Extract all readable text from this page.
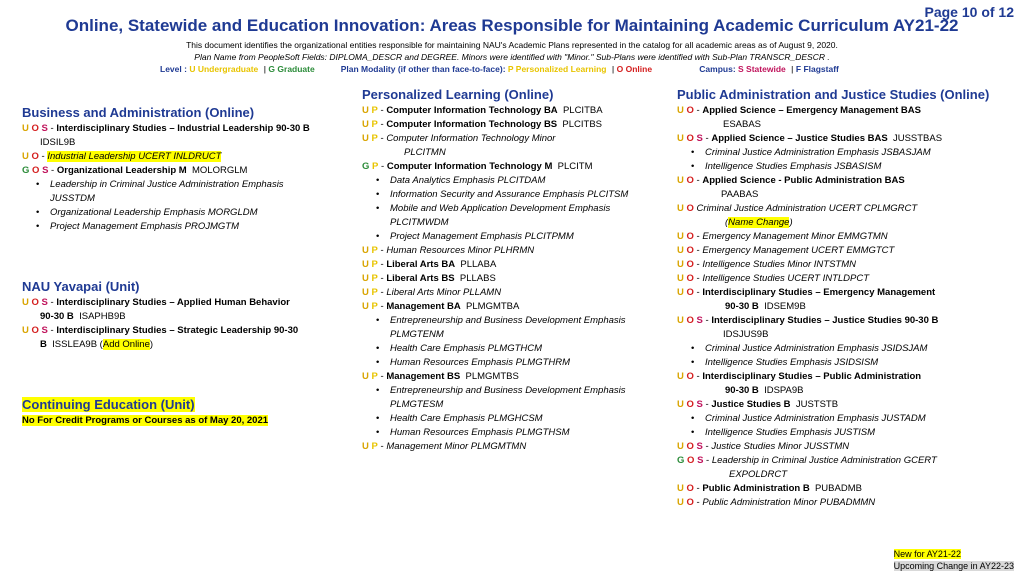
Page 10 of 12
Online, Statewide and Education Innovation: Areas Responsible for Maintaining Academic Curriculum AY21-22
This document identifies the organizational entities responsible for maintaining NAU's Academic Plans represented in the catalog for all academic areas as of August 9, 2020.
Plan Name from PeopleSoft Fields: DIPLOMA_DESCR and DEGREE. Minors were identified with "Minor." Sub-Plans were identified with Sub-Plan TRANSCR_DESCR .
Level : U Undergraduate | G Graduate	Plan Modality (if other than face-to-face): P Personalized Learning | O Online	Campus: S Statewide | F Flagstaff
Business and Administration (Online)
U O S - Interdisciplinary Studies – Industrial Leadership 90-30 B
IDSIL9B
U O - Industrial Leadership UCERT INLDRUCT
G O S - Organizational Leadership M MOLORGLM
• Leadership in Criminal Justice Administration Emphasis
JUSSTDM
• Organizational Leadership Emphasis MORGLDM
• Project Management Emphasis PROJMGTM
NAU Yavapai (Unit)
U O S - Interdisciplinary Studies – Applied Human Behavior
90-30 B ISAPHB9B
U O S - Interdisciplinary Studies – Strategic Leadership 90-30
B ISSLEA9B (Add Online)
Continuing Education (Unit)
No For Credit Programs or Courses as of May 20, 2021
Personalized Learning (Online)
U P - Computer Information Technology BA PLCITBA
U P - Computer Information Technology BS PLCITBS
U P - Computer Information Technology Minor
PLCITMN
G P - Computer Information Technology M PLCITM
• Data Analytics Emphasis PLCITDAM
• Information Security and Assurance Emphasis PLCITSM
• Mobile and Web Application Development Emphasis
PLCITMWDM
• Project Management Emphasis PLCITPMM
U P - Human Resources Minor PLHRMN
U P - Liberal Arts BA PLLABA
U P - Liberal Arts BS PLLABS
U P - Liberal Arts Minor PLLAMN
U P - Management BA PLMGMTBA
• Entrepreneurship and Business Development Emphasis
PLMGTENM
• Health Care Emphasis PLMGTHCM
• Human Resources Emphasis PLMGTHRM
U P - Management BS PLMGMTBS
• Entrepreneurship and Business Development Emphasis
PLMGTESM
• Health Care Emphasis PLMGHCSM
• Human Resources Emphasis PLMGTHSM
U P - Management Minor PLMGMTMN
Public Administration and Justice Studies (Online)
U O - Applied Science – Emergency Management BAS
ESABAS
U O S - Applied Science – Justice Studies BAS JUSSTBAS
• Criminal Justice Administration Emphasis JSBASJAM
• Intelligence Studies Emphasis JSBASISM
U O - Applied Science - Public Administration BAS
PAABAS
U O Criminal Justice Administration UCERT CPLMGRCT
(Name Change)
U O - Emergency Management Minor EMMGTMN
U O - Emergency Management UCERT EMMGTCT
U O - Intelligence Studies Minor INTSTMN
U O - Intelligence Studies UCERT INTLDPCT
U O - Interdisciplinary Studies – Emergency Management
90-30 B IDSEM9B
U O S - Interdisciplinary Studies – Justice Studies 90-30 B
IDSJUS9B
• Criminal Justice Administration Emphasis JSIDSJAM
• Intelligence Studies Emphasis JSIDSISM
U O - Interdisciplinary Studies – Public Administration
90-30 B IDSPA9B
U O S - Justice Studies B JUSTSTB
• Criminal Justice Administration Emphasis JUSTADM
• Intelligence Studies Emphasis JUSTISM
U O S - Justice Studies Minor JUSSTMN
G O S - Leadership in Criminal Justice Administration GCERT
EXPOLDRCT
U O - Public Administration B PUBADMB
U O - Public Administration Minor PUBADMMN
New for AY21-22
Upcoming Change in AY22-23
